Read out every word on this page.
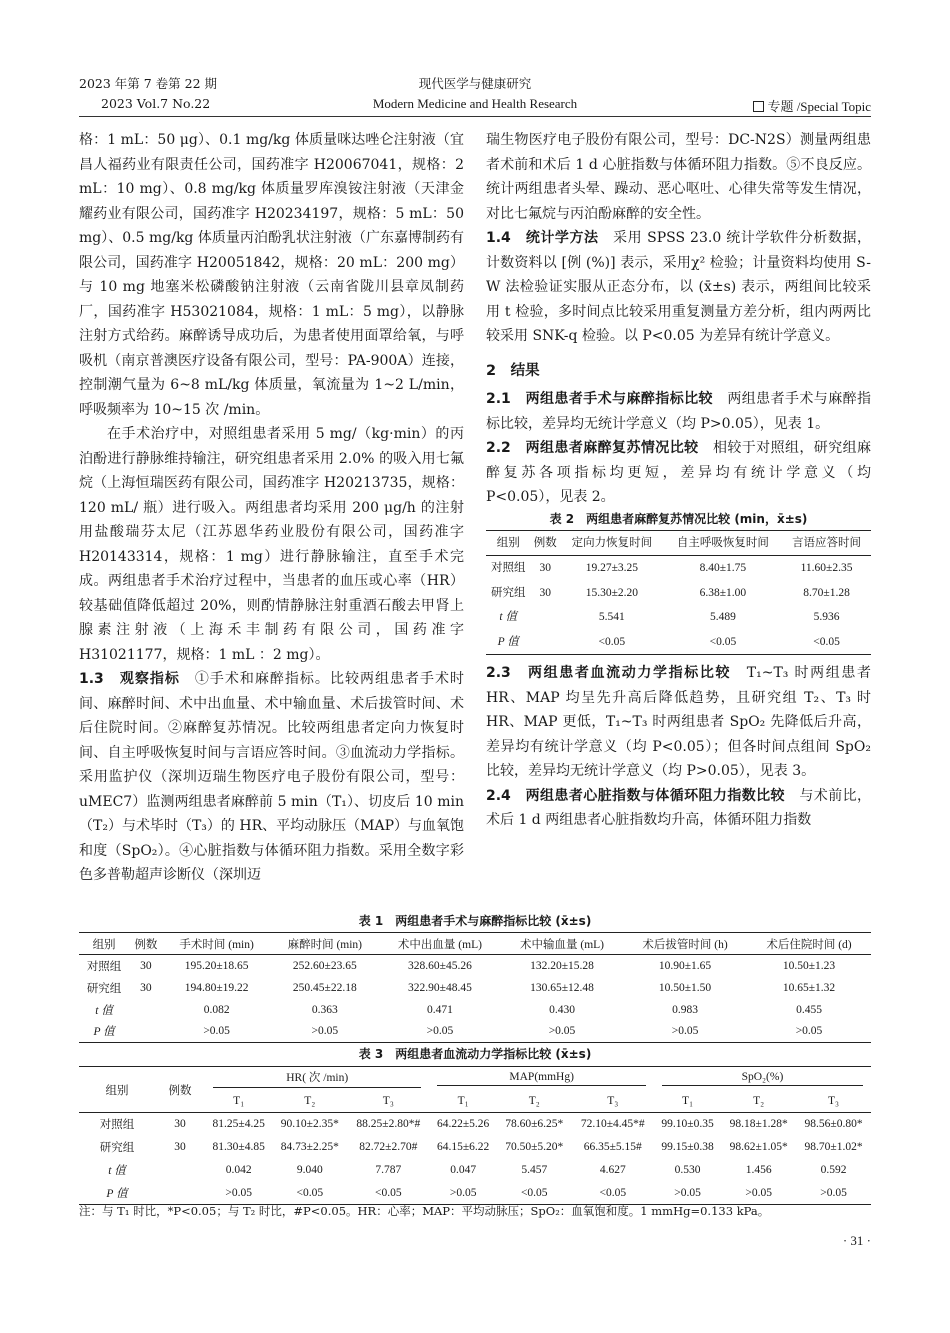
2023 年第 7 卷第 22 期
2023 Vol.7 No.22
现代医学与健康研究
Modern Medicine and Health Research	专题 /Special Topic

格：1 mL：50 μg）、0.1 mg/kg 体质量咪达唑仑注射液（宜昌人福药业有限责任公司，国药准字 H20067041，规格：2 mL：10 mg）、0.8 mg/kg 体质量罗库溴铵注射液（天津金耀药业有限公司，国药准字 H20234197，规格：5 mL：50 mg）、0.5 mg/kg 体质量丙泊酚乳状注射液（广东嘉博制药有限公司，国药准字 H20051842，规格：20 mL：200 mg）与 10 mg 地塞米松磷酸钠注射液（云南省陇川县章凤制药厂，国药准字 H53021084，规格：1 mL：5 mg），以静脉注射方式给药。麻醉诱导成功后，为患者使用面罩给氧，与呼吸机（南京普澳医疗设备有限公司，型号：PA-900A）连接，控制潮气量为 6~8 mL/kg 体质量，氧流量为 1~2 L/min，呼吸频率为 10~15 次 /min。

在手术治疗中，对照组患者采用 5 mg/（kg·min）的丙泊酚进行静脉维持输注，研究组患者采用 2.0% 的吸入用七氟烷（上海恒瑞医药有限公司，国药准字 H20213735，规格：120 mL/ 瓶）进行吸入。两组患者均采用 200 μg/h 的注射用盐酸瑞芬太尼（江苏恩华药业股份有限公司，国药准字 H20143314，规格：1 mg）进行静脉输注，直至手术完成。两组患者手术治疗过程中，当患者的血压或心率（HR）较基础值降低超过 20%，则酌情静脉注射重酒石酸去甲肾上腺素注射液（上海禾丰制药有限公司，国药准字 H31021177，规格：1 mL ：2 mg）。

1.3　观察指标　 ①手术和麻醉指标。比较两组患者手术时间、麻醉时间、术中出血量、术中输血量、术后拔管时间、术后住院时间。②麻醉复苏情况。比较两组患者定向力恢复时间、自主呼吸恢复时间与言语应答时间。③血流动力学指标。采用监护仪（深圳迈瑞生物医疗电子股份有限公司，型号：uMEC7）监测两组患者麻醉前 5 min（T₁）、切皮后 10 min（T₂）与术毕时（T₃）的 HR、平均动脉压（MAP）与血氧饱和度（SpO₂）。④心脏指数与体循环阻力指数。采用全数字彩色多普勒超声诊断仪（深圳迈

瑞生物医疗电子股份有限公司，型号：DC-N2S）测量两组患者术前和术后 1 d 心脏指数与体循环阻力指数。⑤不良反应。统计两组患者头晕、躁动、恶心呕吐、心律失常等发生情况，对比七氟烷与丙泊酚麻醉的安全性。

1.4　统计学方法　 采用 SPSS 23.0 统计学软件分析数据，计数资料以 [例 (%)] 表示，采用χ² 检验；计量资料均使用 S-W 法检验证实服从正态分布，以 (x̄±s) 表示，两组间比较采用 t 检验，多时间点比较采用重复测量方差分析，组内两两比较采用 SNK-q 检验。以 P<0.05 为差异有统计学意义。

2　结果

2.1　两组患者手术与麻醉指标比较　 两组患者手术与麻醉指标比较，差异均无统计学意义（均 P>0.05），见表 1。

2.2　两组患者麻醉复苏情况比较　 相较于对照组，研究组麻醉复苏各项指标均更短，差异均有统计学意义（均 P<0.05），见表 2。

表 2　两组患者麻醉复苏情况比较 (min，x̄±s)
组别	例数	定向力恢复时间	自主呼吸恢复时间	言语应答时间
对照组	30	19.27±3.25	8.40±1.75	11.60±2.35
研究组	30	15.30±2.20	6.38±1.00	8.70±1.28
t 值		5.541	5.489	5.936
P 值		<0.05	<0.05	<0.05

2.3　两组患者血流动力学指标比较　 T₁~T₃ 时两组患者 HR、MAP 均呈先升高后降低趋势，且研究组 T₂、T₃ 时 HR、MAP 更低，T₁~T₃ 时两组患者 SpO₂ 先降低后升高，差异均有统计学意义（均 P<0.05）；但各时间点组间 SpO₂ 比较，差异均无统计学意义（均 P>0.05），见表 3。

2.4　两组患者心脏指数与体循环阻力指数比较　 与术前比，术后 1 d 两组患者心脏指数均升高，体循环阻力指数

表 1　两组患者手术与麻醉指标比较 (x̄±s)
组别	例数	手术时间 (min)	麻醉时间 (min)	术中出血量 (mL)	术中输血量 (mL)	术后拔管时间 (h)	术后住院时间 (d)
对照组	30	195.20±18.65	252.60±23.65	328.60±45.26	132.20±15.28	10.90±1.65	10.50±1.23
研究组	30	194.80±19.22	250.45±22.18	322.90±48.45	130.65±12.48	10.50±1.50	10.65±1.32
t 值		0.082	0.363	0.471	0.430	0.983	0.455
P 值		>0.05	>0.05	>0.05	>0.05	>0.05	>0.05
表 3　两组患者血流动力学指标比较 (x̄±s)
组别	例数	HR( 次 /min)			MAP(mmHg)			SpO₂(%)		

		T₁	T₂	T₃	T₁	T₂	T₃	T₁	T₂	T₃
对照组	30	81.25±4.25	90.10±2.35*	88.25±2.80*#	64.22±5.26	78.60±6.25*	72.10±4.45*#	99.10±0.35	98.18±1.28*	98.56±0.80*
研究组	30	81.30±4.85	84.73±2.25*	82.72±2.70#	64.15±6.22	70.50±5.20*	66.35±5.15#	99.15±0.38	98.62±1.05*	98.70±1.02*
t 值		0.042	9.040	7.787	0.047	5.457	4.627	0.530	1.456	0.592
P 值		>0.05	<0.05	<0.05	>0.05	<0.05	<0.05	>0.05	>0.05	>0.05
注：与 T₁ 时比，*P<0.05；与 T₂ 时比，#P<0.05。HR：心率；MAP：平均动脉压；SpO₂：血氧饱和度。1 mmHg=0.133 kPa。
· 31 ·
